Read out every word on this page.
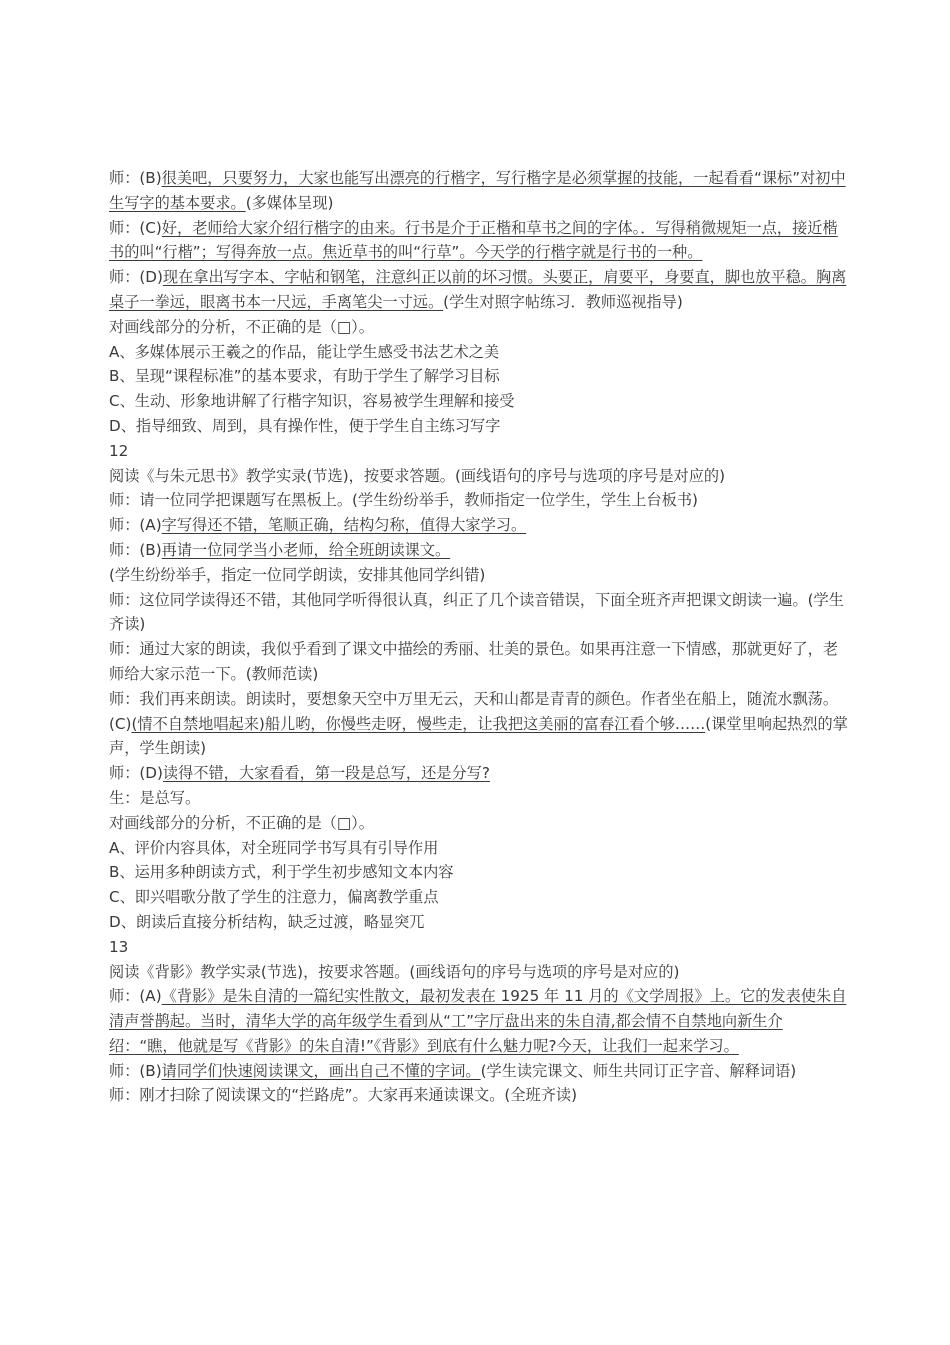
师：(B)很美吧，只要努力，大家也能写出漂亮的行楷字，写行楷字是必须掌握的技能，一起看看“课标”对初中生写字的基本要求。(多媒体呈现)

师：(C)好，老师给大家介绍行楷字的由来。行书是介于正楷和草书之间的字体。．写得稍微规矩一点，接近楷书的叫“行楷”；写得奔放一点。焦近草书的叫“行草”。今天学的行楷字就是行书的一种。

师：(D)现在拿出写字本、字帖和钢笔，注意纠正以前的坏习惯。头要正，肩要平，身要直，脚也放平稳。胸离桌子一拳远，眼离书本一尺远，手离笔尖一寸远。(学生对照字帖练习．教师巡视指导)

对画线部分的分析，不正确的是（□）。

A、多媒体展示王羲之的作品，能让学生感受书法艺术之美

B、呈现“课程标准”的基本要求，有助于学生了解学习目标

C、生动、形象地讲解了行楷字知识，容易被学生理解和接受

D、指导细致、周到，具有操作性，便于学生自主练习写字

12

阅读《与朱元思书》教学实录(节选)，按要求答题。(画线语句的序号与选项的序号是对应的)

师：请一位同学把课题写在黑板上。(学生纷纷举手，教师指定一位学生，学生上台板书)

师：(A)字写得还不错，笔顺正确，结构匀称，值得大家学习。

师：(B)再请一位同学当小老师，给全班朗读课文。

(学生纷纷举手，指定一位同学朗读，安排其他同学纠错)

师：这位同学读得还不错，其他同学听得很认真，纠正了几个读音错误，下面全班齐声把课文朗读一遍。(学生齐读)

师：通过大家的朗读，我似乎看到了课文中描绘的秀丽、壮美的景色。如果再注意一下情感，那就更好了，老师给大家示范一下。(教师范读)

师：我们再来朗读。朗读时，要想象天空中万里无云，天和山都是青青的颜色。作者坐在船上，随流水飘荡。(C)(情不自禁地唱起来)船儿哟，你慢些走呀，慢些走，让我把这美丽的富春江看个够……(课堂里响起热烈的掌声，学生朗读)

师：(D)读得不错，大家看看，第一段是总写，还是分写?

生：是总写。

对画线部分的分析，不正确的是（□）。

A、评价内容具体，对全班同学书写具有引导作用

B、运用多种朗读方式，利于学生初步感知文本内容

C、即兴唱歌分散了学生的注意力，偏离教学重点

D、朗读后直接分析结构，缺乏过渡，略显突兀

13

阅读《背影》教学实录(节选)，按要求答题。(画线语句的序号与选项的序号是对应的)

师：(A)《背影》是朱自清的一篇纪实性散文，最初发表在 1925 年 11 月的《文学周报》上。它的发表使朱自清声誉鹊起。当时，清华大学的高年级学生看到从“工”字厅盘出来的朱自清,都会情不自禁地向新生介绍：“瞧，他就是写《背影》的朱自清!”《背影》到底有什么魅力呢?今天，让我们一起来学习。

师：(B)请同学们快速阅读课文，画出自己不懂的字词。(学生读完课文、师生共同订正字音、解释词语)

师：刚才扫除了阅读课文的“拦路虎”。大家再来通读课文。(全班齐读)
